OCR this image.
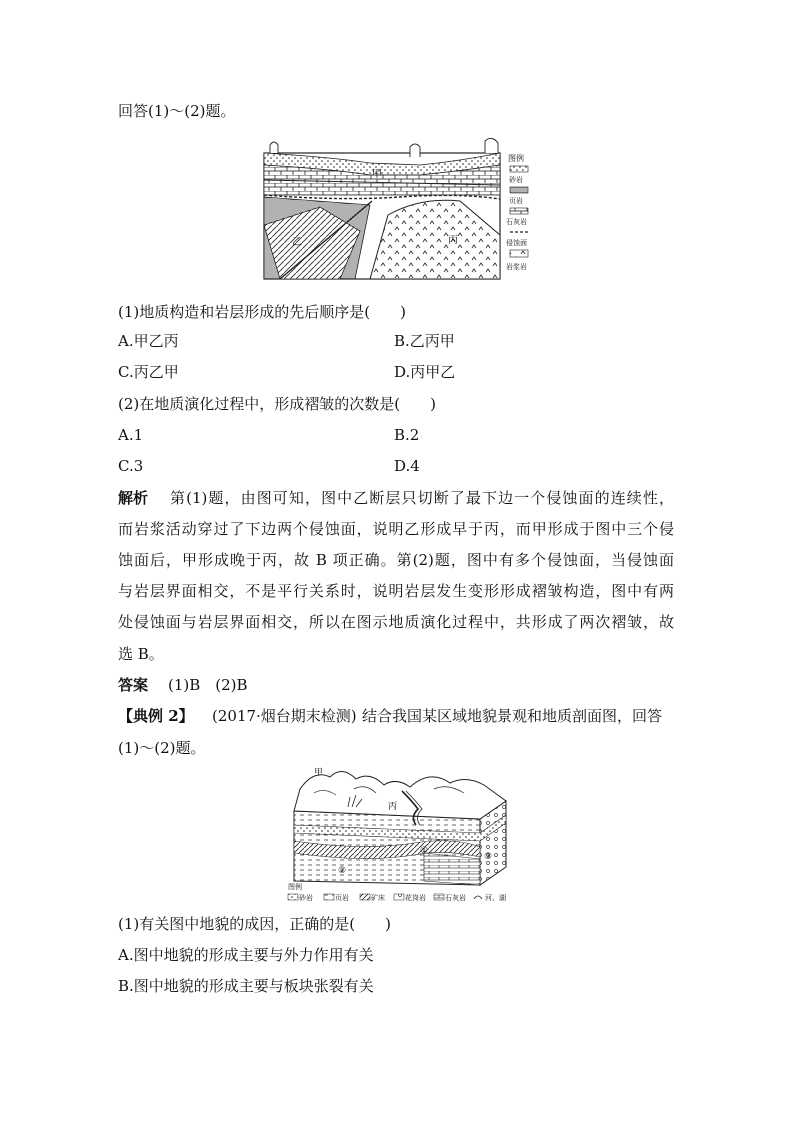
回答(1)～(2)题。
甲
乙	丙
图例
砂岩
页岩
石灰岩
侵蚀面
岩浆岩
(1)地质构造和岩层形成的先后顺序是(　　)
A.甲乙丙	B.乙丙甲
C.丙乙甲	D.丙甲乙
(2)在地质演化过程中，形成褶皱的次数是(　　)
A.1	B.2
C.3	D.4
解析 第(1)题，由图可知，图中乙断层只切断了最下边一个侵蚀面的连续性，
而岩浆活动穿过了下边两个侵蚀面，说明乙形成早于丙，而甲形成于图中三个侵
蚀面后，甲形成晚于丙，故 B 项正确。第(2)题，图中有多个侵蚀面，当侵蚀面
与岩层界面相交，不是平行关系时，说明岩层发生变形形成褶皱构造，图中有两
处侵蚀面与岩层界面相交，所以在图示地质演化过程中，共形成了两次褶皱，故
选 B。
答案 (1)B　(2)B
【典例 2】 (2017·烟台期末检测) 结合我国某区域地貌景观和地质剖面图，回答
(1)～(2)题。
甲
丙
①
②
③
图例
砂岩	页岩	矿床	花岗岩	石灰岩	河、湖
(1)有关图中地貌的成因，正确的是(　　)
A.图中地貌的形成主要与外力作用有关
B.图中地貌的形成主要与板块张裂有关
